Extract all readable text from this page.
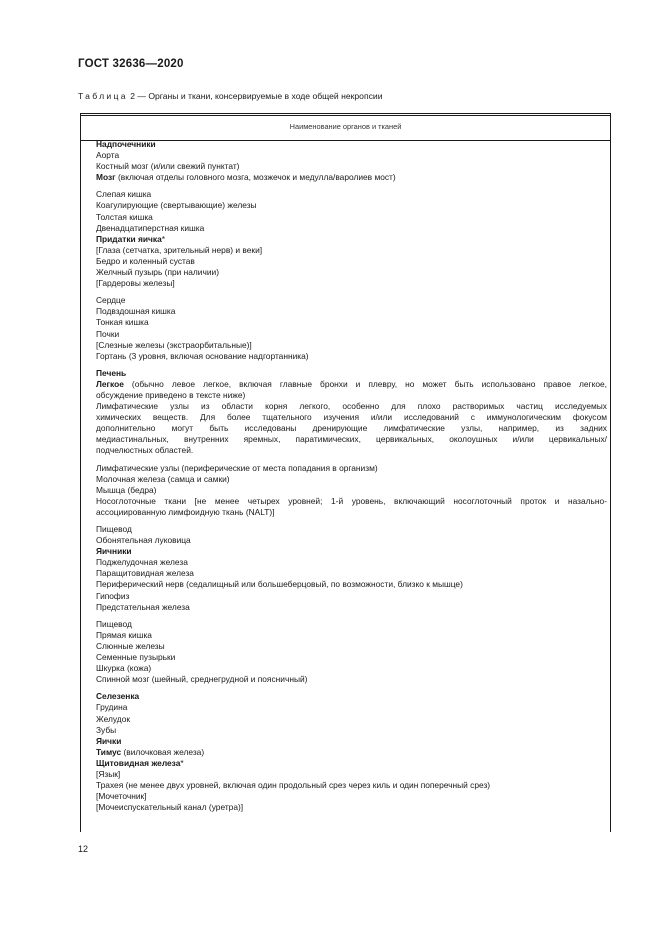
ГОСТ 32636—2020
Таблица 2 — Органы и ткани, консервируемые в ходе общей некропсии
Наименование органов и тканей
Надпочечники
Аорта
Костный мозг (и/или свежий пунктат)
Мозг (включая отделы головного мозга, мозжечок и медулла/варолиев мост)
Слепая кишка
Коагулирующие (свертывающие) железы
Толстая кишка
Двенадцатиперстная кишка
Придатки яичка*
[Глаза (сетчатка, зрительный нерв) и веки]
Бедро и коленный сустав
Желчный пузырь (при наличии)
[Гардеровы железы]
Сердце
Подвздошная кишка
Тонкая кишка
Почки
[Слезные железы (экстраорбитальные)]
Гортань (3 уровня, включая основание надгортанника)
Печень
Легкое (обычно левое легкое, включая главные бронхи и плевру, но может быть использовано правое легкое,
обсуждение приведено в тексте ниже)
Лимфатические узлы из области корня легкого, особенно для плохо растворимых частиц исследуемых
химических веществ. Для более тщательного изучения и/или исследований с иммунологическим фокусом
дополнительно могут быть исследованы дренирующие лимфатические узлы, например, из задних
медиастинальных, внутренних яремных, паратимических, цервикальных, околоушных и/или цервикальных/
подчелюстных областей.
Лимфатические узлы (периферические от места попадания в организм)
Молочная железа (самца и самки)
Мышца (бедра)
Носоглоточные ткани [не менее четырех уровней; 1-й уровень, включающий носоглоточный проток и назально-
ассоциированную лимфоидную ткань (NALT)]
Пищевод
Обонятельная луковица
Яичники
Поджелудочная железа
Паращитовидная железа
Периферический нерв (седалищный или большеберцовый, по возможности, близко к мышце)
Гипофиз
Предстательная железа
Пищевод
Прямая кишка
Слюнные железы
Семенные пузырьки
Шкурка (кожа)
Спинной мозг (шейный, среднегрудной и поясничный)
Селезенка
Грудина
Желудок
Зубы
Яички
Тимус (вилочковая железа)
Щитовидная железа*
[Язык]
Трахея (не менее двух уровней, включая один продольный срез через киль и один поперечный срез)
[Мочеточник]
[Мочеиспускательный канал (уретра)]
12
